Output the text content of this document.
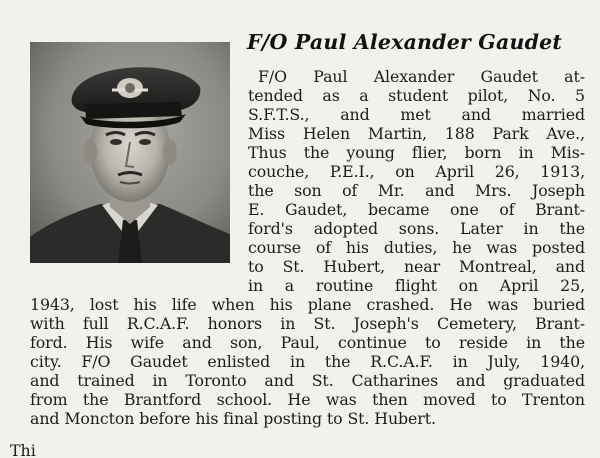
F/O Paul Alexander Gaudet
F/O Paul Alexander Gaudet at-
tended as a student pilot, No. 5
S.F.T.S., and met and married
Miss Helen Martin, 188 Park Ave.,
Thus the young flier, born in Mis-
couche, P.E.I., on April 26, 1913,
the son of Mr. and Mrs. Joseph
E. Gaudet, became one of Brant-
ford's adopted sons. Later in the
course of his duties, he was posted
to St. Hubert, near Montreal, and
in a routine flight on April 25,
1943, lost his life when his plane crashed. He was buried
with full R.C.A.F. honors in St. Joseph's Cemetery, Brant-
ford. His wife and son, Paul, continue to reside in the
city. F/O Gaudet enlisted in the R.C.A.F. in July, 1940,
and trained in Toronto and St. Catharines and graduated
from the Brantford school. He was then moved to Trenton
and Moncton before his final posting to St. Hubert.
Thi
